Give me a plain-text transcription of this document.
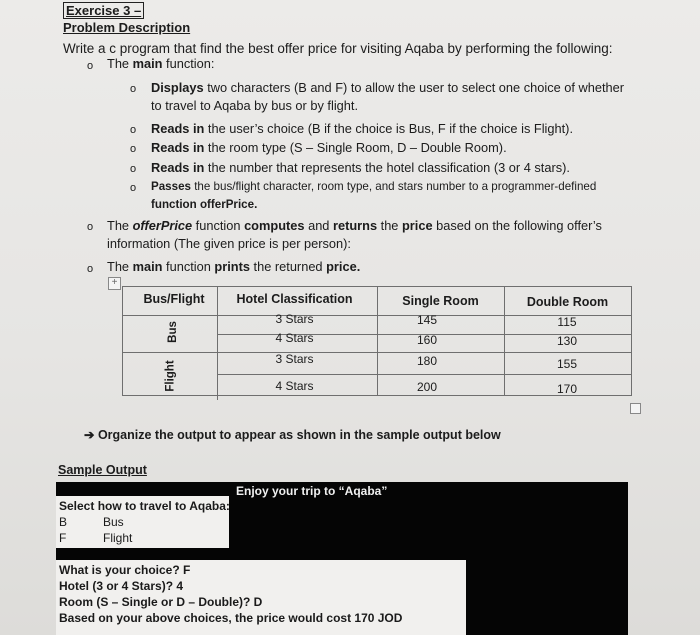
Exercise 3 –
Problem Description
Write a c program that find the best offer price for visiting Aqaba by performing the following:
o The main function:
o Displays two characters (B and F) to allow the user to select one choice of whether
to travel to Aqaba by bus or by flight.
o Reads in the user’s choice (B if the choice is Bus, F if the choice is Flight).
o Reads in the room type (S – Single Room, D – Double Room).
o Reads in the number that represents the hotel classification (3 or 4 stars).
o Passes the bus/flight character, room type, and stars number to a programmer-defined
function offerPrice.
o The offerPrice function computes and returns the price based on the following offer’s
information (The given price is per person):
o The main function prints the returned price.
+
Bus/Flight	Hotel Classification	Single Room	Double Room
Bus
Flight
3 Stars	145	115
4 Stars	160	130
3 Stars	180	155
4 Stars	200	170
➔ Organize the output to appear as shown in the sample output below
Sample Output
Enjoy your trip to “Aqaba”
Select how to travel to Aqaba:
B	Bus
F	Flight
What is your choice? F
Hotel (3 or 4 Stars)? 4
Room (S – Single or D – Double)? D
Based on your above choices, the price would cost 170 JOD
